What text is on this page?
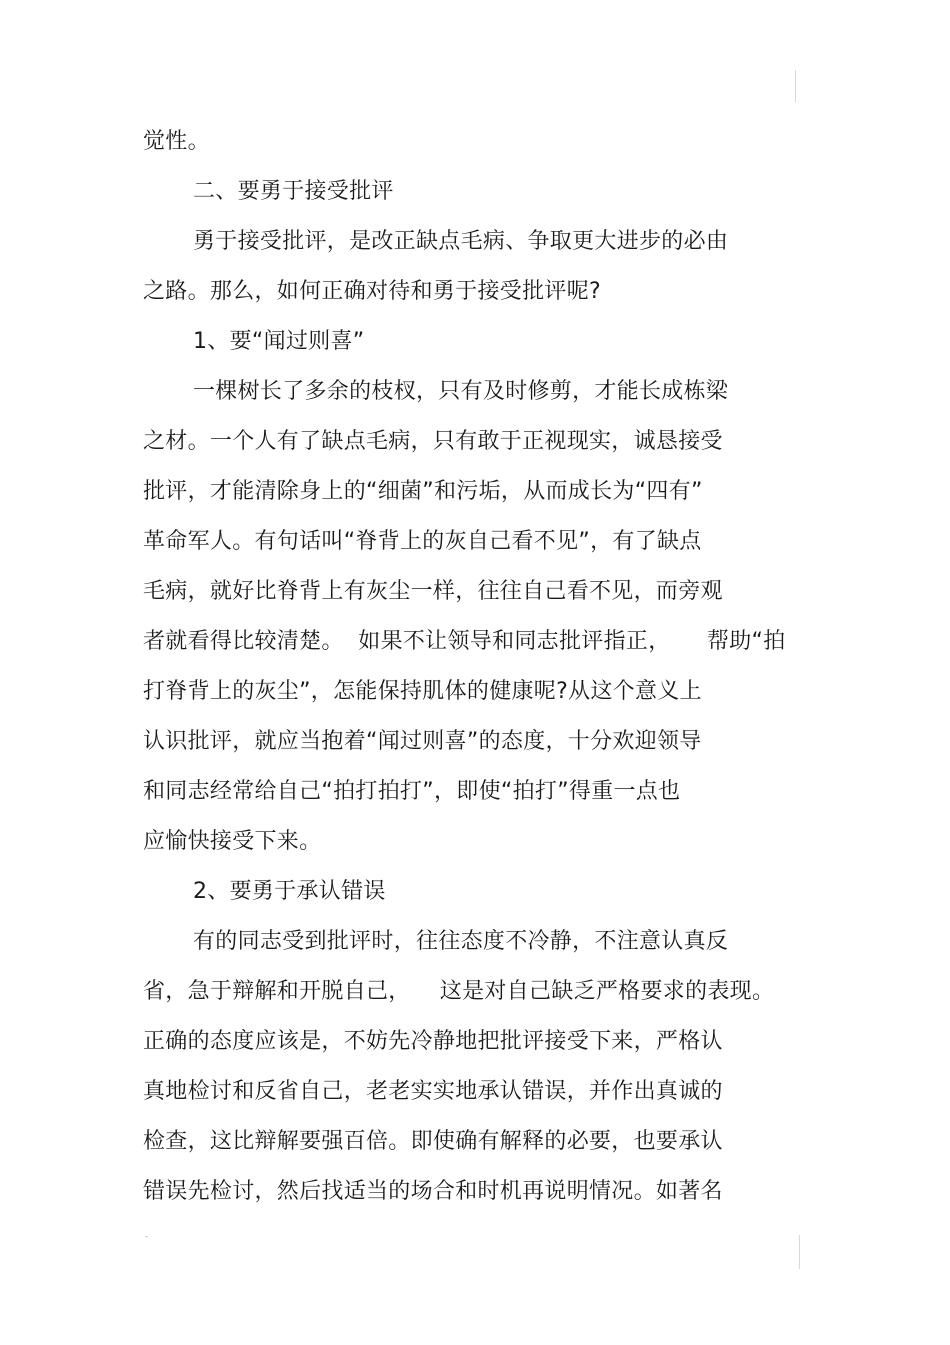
觉性。
二、要勇于接受批评
勇于接受批评，是改正缺点毛病、争取更大进步的必由
之路。那么，如何正确对待和勇于接受批评呢?
1、要“闻过则喜”
一棵树长了多余的枝杈，只有及时修剪，才能长成栋梁
之材。一个人有了缺点毛病，只有敢于正视现实，诚恳接受
批评，才能清除身上的“细菌”和污垢，从而成长为“四有”
革命军人。有句话叫“脊背上的灰自己看不见”，有了缺点
毛病，就好比脊背上有灰尘一样，往往自己看不见，而旁观
者就看得比较清楚。  如果不让领导和同志批评指正，     帮助“拍
打脊背上的灰尘”，怎能保持肌体的健康呢?从这个意义上
认识批评，就应当抱着“闻过则喜”的态度，十分欢迎领导
和同志经常给自己“拍打拍打”，即使“拍打”得重一点也
应愉快接受下来。
2、要勇于承认错误
有的同志受到批评时，往往态度不冷静，不注意认真反
省，急于辩解和开脱自己，    这是对自己缺乏严格要求的表现。
正确的态度应该是，不妨先冷静地把批评接受下来，严格认
真地检讨和反省自己，老老实实地承认错误，并作出真诚的
检查，这比辩解要强百倍。即使确有解释的必要，也要承认
错误先检讨，然后找适当的场合和时机再说明情况。如著名
